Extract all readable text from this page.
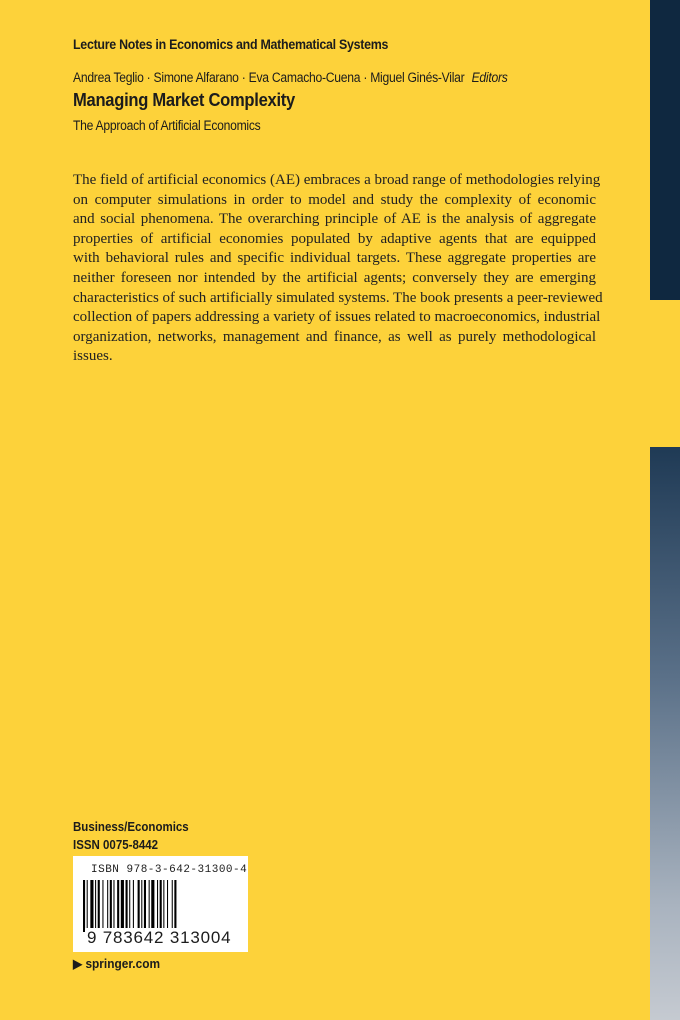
Lecture Notes in Economics and Mathematical Systems
Andrea Teglio · Simone Alfarano · Eva Camacho-Cuena · Miguel Ginés-Vilar Editors
Managing Market Complexity
The Approach of Artificial Economics
The field of artificial economics (AE) embraces a broad range of methodologies relying
on computer simulations in order to model and study the complexity of economic
and social phenomena. The overarching principle of AE is the analysis of aggregate
properties of artificial economies populated by adaptive agents that are equipped
with behavioral rules and specific individual targets. These aggregate properties are
neither foreseen nor intended by the artificial agents; conversely they are emerging
characteristics of such artificially simulated systems. The book presents a peer-reviewed
collection of papers addressing a variety of issues related to macroeconomics, industrial
organization, networks, management and finance, as well as purely methodological
issues.
Business/Economics
ISSN 0075-8442
ISBN 978-3-642-31300-4
9 783642 313004
▶ springer.com
